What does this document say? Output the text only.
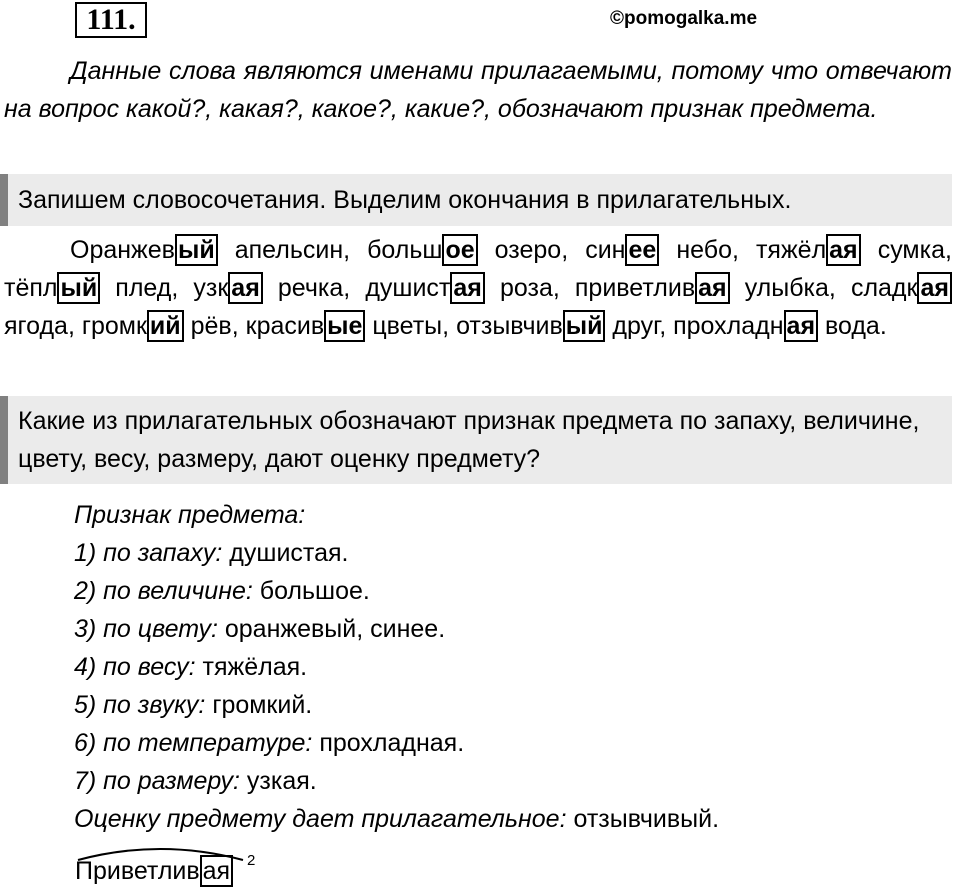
111.	©pomogalka.me
Данные слова являются именами прилагаемыми, потому что отвечают на вопрос какой?, какая?, какое?, какие?, обозначают признак предмета.
Запишем словосочетания. Выделим окончания в прилагательных.
Оранжев ый апельсин, больш ое озеро, син ее небо, тяжёл ая сумка, тёпл ый плед, узк ая речка, душист ая роза, приветлив ая улыбка, сладк ая ягода, громк ий рёв, красив ые цветы, отзывчив ый друг, прохладн ая вода.
Какие из прилагательных обозначают признак предмета по запаху, величине, цвету, весу, размеру, дают оценку предмету?
Признак предмета:
1) по запаху: душистая.
2) по величине: большое.
3) по цвету: оранжевый, синее.
4) по весу: тяжёлая.
5) по звуку: громкий.
6) по температуре: прохладная.
7) по размеру: узкая.
Оценку предмету дает прилагательное: отзывчивый.
Приветлив ая 2
